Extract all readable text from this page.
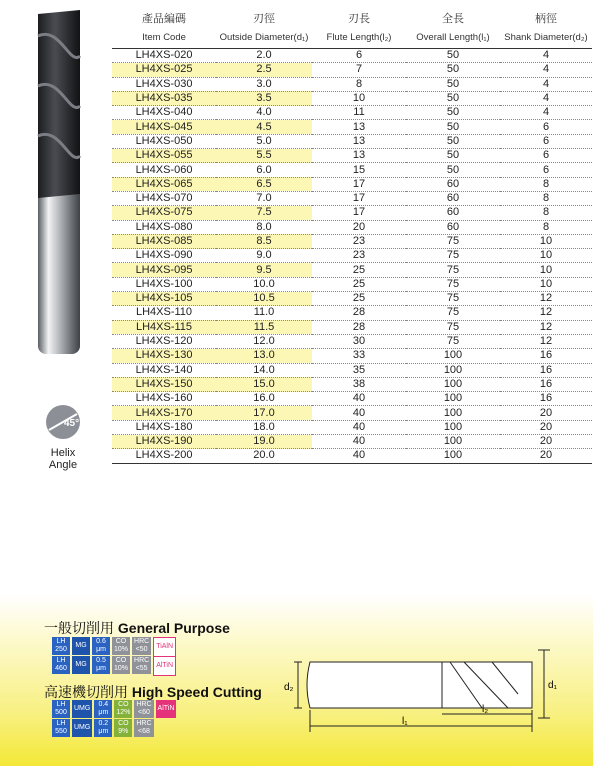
45°
Helix
Angle
產品編碼	刃徑	刃長	全長	柄徑
Item Code	Outside Diameter(d₁)	Flute Length(l₂)	Overall Length(l₁)	Shank Diameter(d₂)
LH4XS-020	2.0	6	50	4
LH4XS-025	2.5	7	50	4
LH4XS-030	3.0	8	50	4
LH4XS-035	3.5	10	50	4
LH4XS-040	4.0	11	50	4
LH4XS-045	4.5	13	50	6
LH4XS-050	5.0	13	50	6
LH4XS-055	5.5	13	50	6
LH4XS-060	6.0	15	50	6
LH4XS-065	6.5	17	60	8
LH4XS-070	7.0	17	60	8
LH4XS-075	7.5	17	60	8
LH4XS-080	8.0	20	60	8
LH4XS-085	8.5	23	75	10
LH4XS-090	9.0	23	75	10
LH4XS-095	9.5	25	75	10
LH4XS-100	10.0	25	75	10
LH4XS-105	10.5	25	75	12
LH4XS-110	11.0	28	75	12
LH4XS-115	11.5	28	75	12
LH4XS-120	12.0	30	75	12
LH4XS-130	13.0	33	100	16
LH4XS-140	14.0	35	100	16
LH4XS-150	15.0	38	100	16
LH4XS-160	16.0	40	100	16
LH4XS-170	17.0	40	100	20
LH4XS-180	18.0	40	100	20
LH4XS-190	19.0	40	100	20
LH4XS-200	20.0	40	100	20
一般切削用 General Purpose
LH
250
MG
0.6
μm
CO
10%
HRC
<50 TiAlN
LH
460
MG
0.5
μm
CO
10%
HRC
<55 AlTiN
高速機切削用 High Speed Cutting
LH
500
UMG
0.4
μm
CO
12%
HRC
<60
AlTiN
LH
550
UMG
0.2
μm
CO
9%
HRC
<68
d₂	d₁
l₂
l₁
